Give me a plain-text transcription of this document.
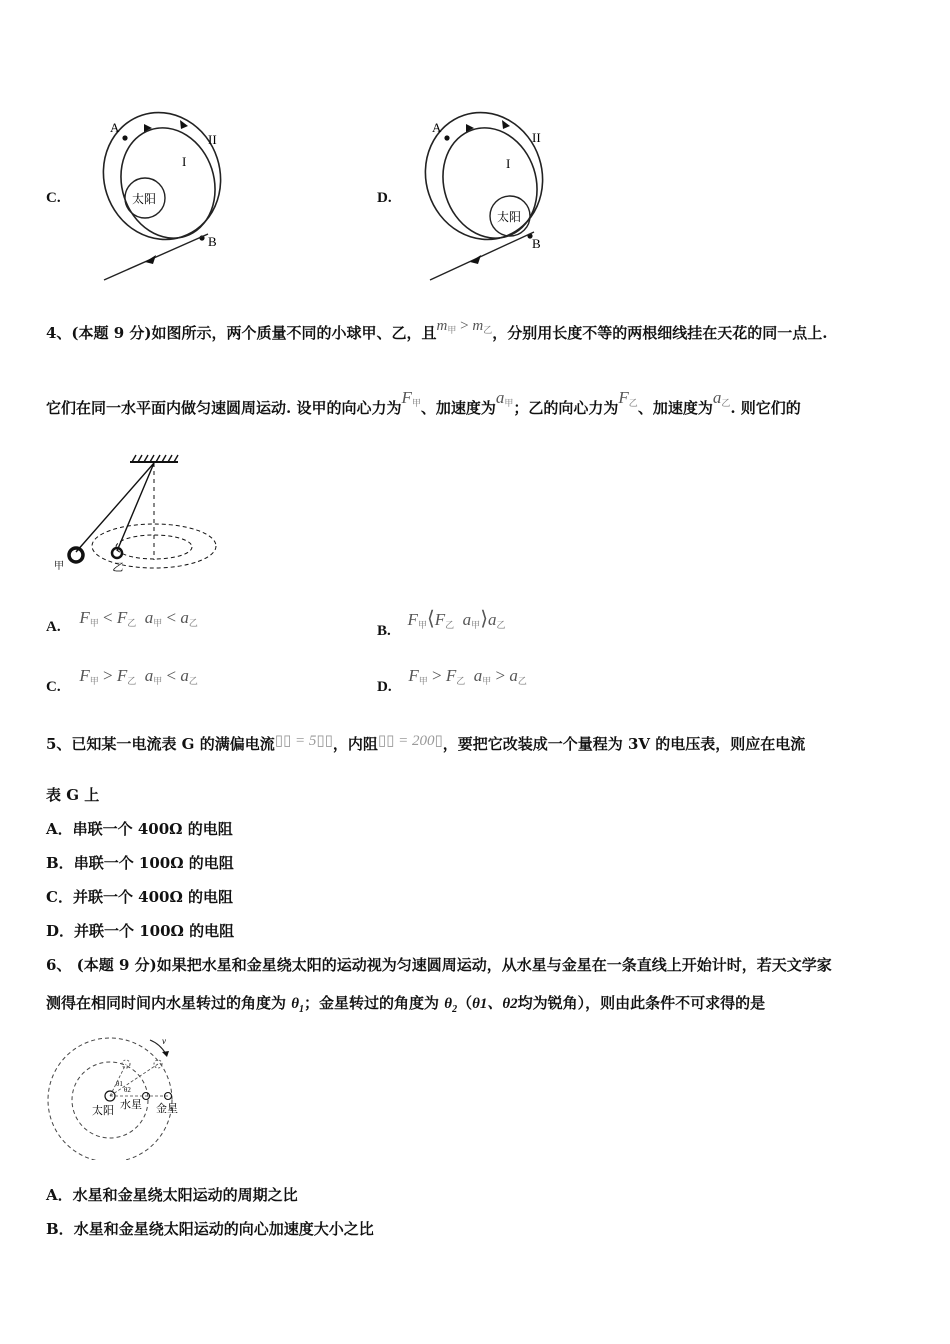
C.	太阳
A
B
I
II
D.
太阳
A
B
I
II
4、(本题 9 分)如图所示，两个质量不同的小球甲、乙，且$m_甲 > m_乙$，分别用长度不等的两根细线挂在天花的同一点上.
它们在同一水平面内做匀速圆周运动. 设甲的向心力为$F_甲$、加速度为$a_甲$；乙的向心力为$F_乙$、加速度为$a_乙$. 则它们的
甲	乙
A. $F_甲 < F_乙$ $a_甲 < a_乙$	B. $F_甲⟨F_乙$ $a_甲⟩a_乙$
C. $F_甲 > F_乙$ $a_甲 < a_乙$	D. $F_甲 > F_乙$ $a_甲 > a_乙$
5、已知某一电流表 G 的满偏电流▯▯ = 5▯▯，内阻▯▯ = 200▯，要把它改装成一个量程为 3V 的电压表，则应在电流
表 G 上
A．串联一个 400Ω 的电阻
B．串联一个 100Ω 的电阻
C．并联一个 400Ω 的电阻
D．并联一个 100Ω 的电阻
6、 (本题 9 分)如果把水星和金星绕太阳的运动视为匀速圆周运动，从水星与金星在一条直线上开始计时，若天文学家
测得在相同时间内水星转过的角度为 $\theta_1$；金星转过的角度为 $\theta_2(\theta 1$、θ2均为锐角），则由此条件不可求得的是
v
θ1
θ2
太阳 水星 金星
A．水星和金星绕太阳运动的周期之比
B．水星和金星绕太阳运动的向心加速度大小之比
